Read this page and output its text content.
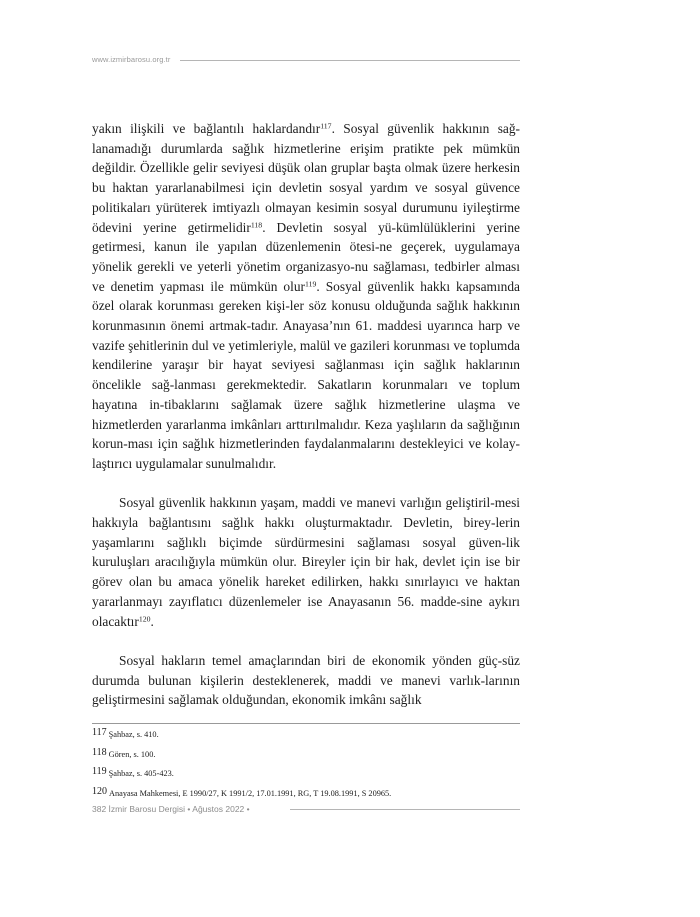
www.izmirbarosu.org.tr

yakın ilişkili ve bağlantılı haklardandır$^{117}$. Sosyal güvenlik hakkının sağ-lanamadığı durumlarda sağlık hizmetlerine erişim pratikte pek mümkün değildir. Özellikle gelir seviyesi düşük olan gruplar başta olmak üzere herkesin bu haktan yararlanabilmesi için devletin sosyal yardım ve sosyal güvence politikaları yürüterek imtiyazlı olmayan kesimin sosyal durumunu iyileştirme ödevini yerine getirmelidir$^{118}$. Devletin sosyal yü-kümlülüklerini yerine getirmesi, kanun ile yapılan düzenlemenin ötesi-ne geçerek, uygulamaya yönelik gerekli ve yeterli yönetim organizasyo-nu sağlaması, tedbirler alması ve denetim yapması ile mümkün olur$^{119}$. Sosyal güvenlik hakkı kapsamında özel olarak korunması gereken kişi-ler söz konusu olduğunda sağlık hakkının korunmasının önemi artmak-tadır. Anayasa’nın 61. maddesi uyarınca harp ve vazife şehitlerinin dul ve yetimleriyle, malül ve gazileri korunması ve toplumda kendilerine yaraşır bir hayat seviyesi sağlanması için sağlık haklarının öncelikle sağ-lanması gerekmektedir. Sakatların korunmaları ve toplum hayatına in-tibaklarını sağlamak üzere sağlık hizmetlerine ulaşma ve hizmetlerden yararlanma imkânları arttırılmalıdır. Keza yaşlıların da sağlığının korun-ması için sağlık hizmetlerinden faydalanmalarını destekleyici ve kolay-laştırıcı uygulamalar sunulmalıdır.

Sosyal güvenlik hakkının yaşam, maddi ve manevi varlığın geliştiril-mesi hakkıyla bağlantısını sağlık hakkı oluşturmaktadır. Devletin, birey-lerin yaşamlarını sağlıklı biçimde sürdürmesini sağlaması sosyal güven-lik kuruluşları aracılığıyla mümkün olur. Bireyler için bir hak, devlet için ise bir görev olan bu amaca yönelik hareket edilirken, hakkı sınırlayıcı ve haktan yararlanmayı zayıflatıcı düzenlemeler ise Anayasanın 56. madde-sine aykırı olacaktır$^{120}$.

Sosyal hakların temel amaçlarından biri de ekonomik yönden güç-süz durumda bulunan kişilerin desteklenerek, maddi ve manevi varlık-larının geliştirmesini sağlamak olduğundan, ekonomik imkânı sağlık

117 Şahbaz, s. 410.
118 Gören, s. 100.
119 Şahbaz, s. 405-423.
120 Anayasa Mahkemesi, E 1990/27, K 1991/2, 17.01.1991, RG, T 19.08.1991, S 20965.
382 İzmir Barosu Dergisi • Ağustos 2022 •
